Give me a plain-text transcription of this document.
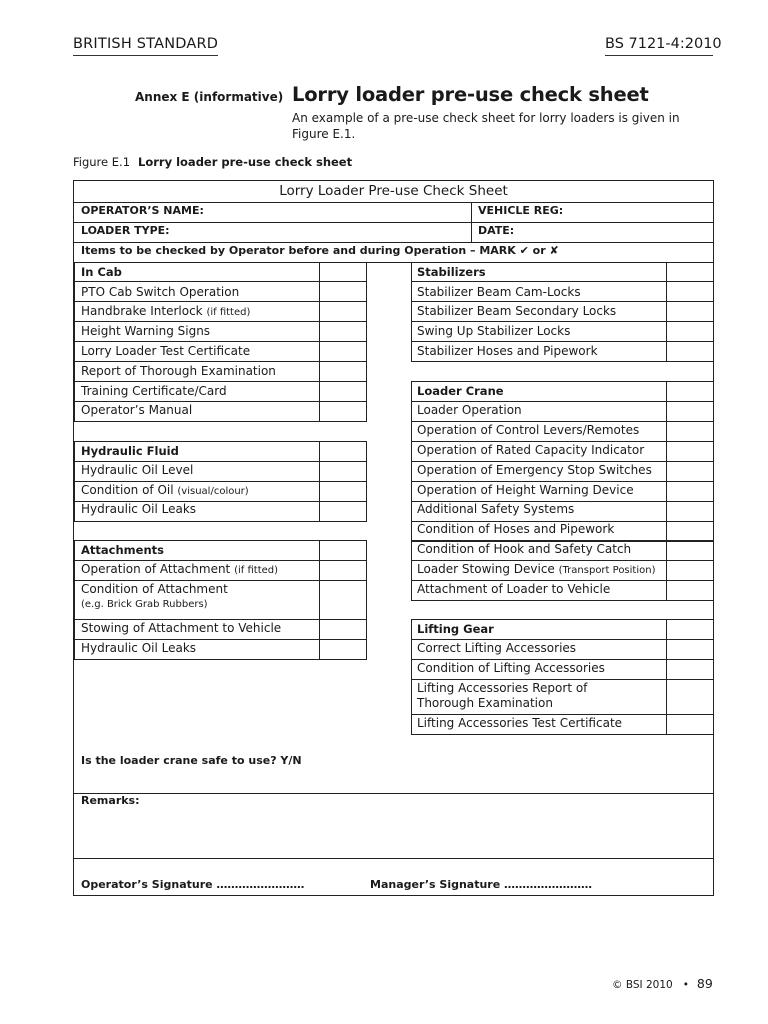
BRITISH STANDARD	BS 7121-4:2010
Annex E (informative) Lorry loader pre-use check sheet
An example of a pre-use check sheet for lorry loaders is given in Figure E.1.
Figure E.1 Lorry loader pre-use check sheet
Lorry Loader Pre-use Check Sheet
OPERATOR’S NAME:	VEHICLE REG:
LOADER TYPE:	DATE:
Items to be checked by Operator before and during Operation – MARK ✔ or ✘
In Cab
PTO Cab Switch Operation
Handbrake Interlock (if fitted)
Height Warning Signs
Lorry Loader Test Certificate
Report of Thorough Examination
Training Certificate/Card
Operator’s Manual
Hydraulic Fluid
Hydraulic Oil Level
Condition of Oil (visual/colour)
Hydraulic Oil Leaks
Attachments
Operation of Attachment (if fitted)
Condition of Attachment
(e.g. Brick Grab Rubbers)
Stowing of Attachment to Vehicle
Hydraulic Oil Leaks
Stabilizers
Stabilizer Beam Cam-Locks
Stabilizer Beam Secondary Locks
Swing Up Stabilizer Locks
Stabilizer Hoses and Pipework
Loader Crane
Loader Operation
Operation of Control Levers/Remotes
Operation of Rated Capacity Indicator
Operation of Emergency Stop Switches
Operation of Height Warning Device
Additional Safety Systems
Condition of Hoses and Pipework
Condition of Hook and Safety Catch
Loader Stowing Device (Transport Position)
Attachment of Loader to Vehicle
Lifting Gear
Correct Lifting Accessories
Condition of Lifting Accessories
Lifting Accessories Report of
Thorough Examination
Lifting Accessories Test Certificate
Is the loader crane safe to use? Y/N
Remarks:
Operator’s Signature ……………………	Manager’s Signature ……………………
© BSI 2010 • 89
